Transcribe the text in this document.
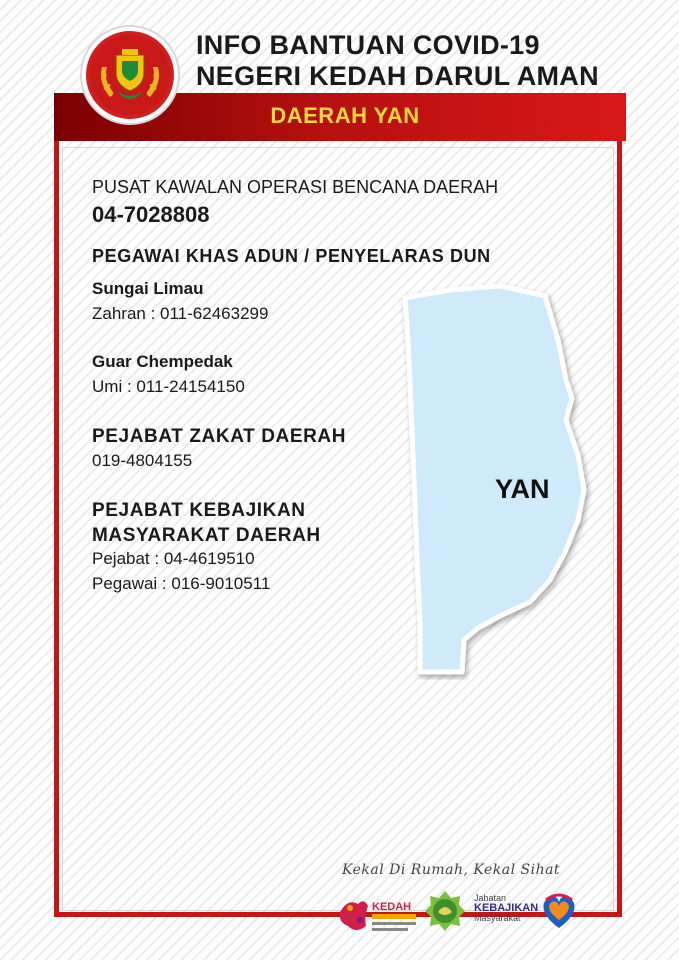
DAERAH YAN
INFO BANTUAN COVID-19
NEGERI KEDAH DARUL AMAN
PUSAT KAWALAN OPERASI BENCANA DAERAH
04-7028808
PEGAWAI KHAS ADUN / PENYELARAS DUN
Sungai Limau
Zahran : 011-62463299
Guar Chempedak
Umi : 011-24154150
PEJABAT ZAKAT DAERAH
019-4804155
PEJABAT KEBAJIKAN
MASYARAKAT DAERAH
Pejabat : 04-4619510
Pegawai : 016-9010511
YAN
Kekal Di Rumah, Kekal Sihat
KEDAH
Jabatan
KEBAJIKAN
Masyarakat
